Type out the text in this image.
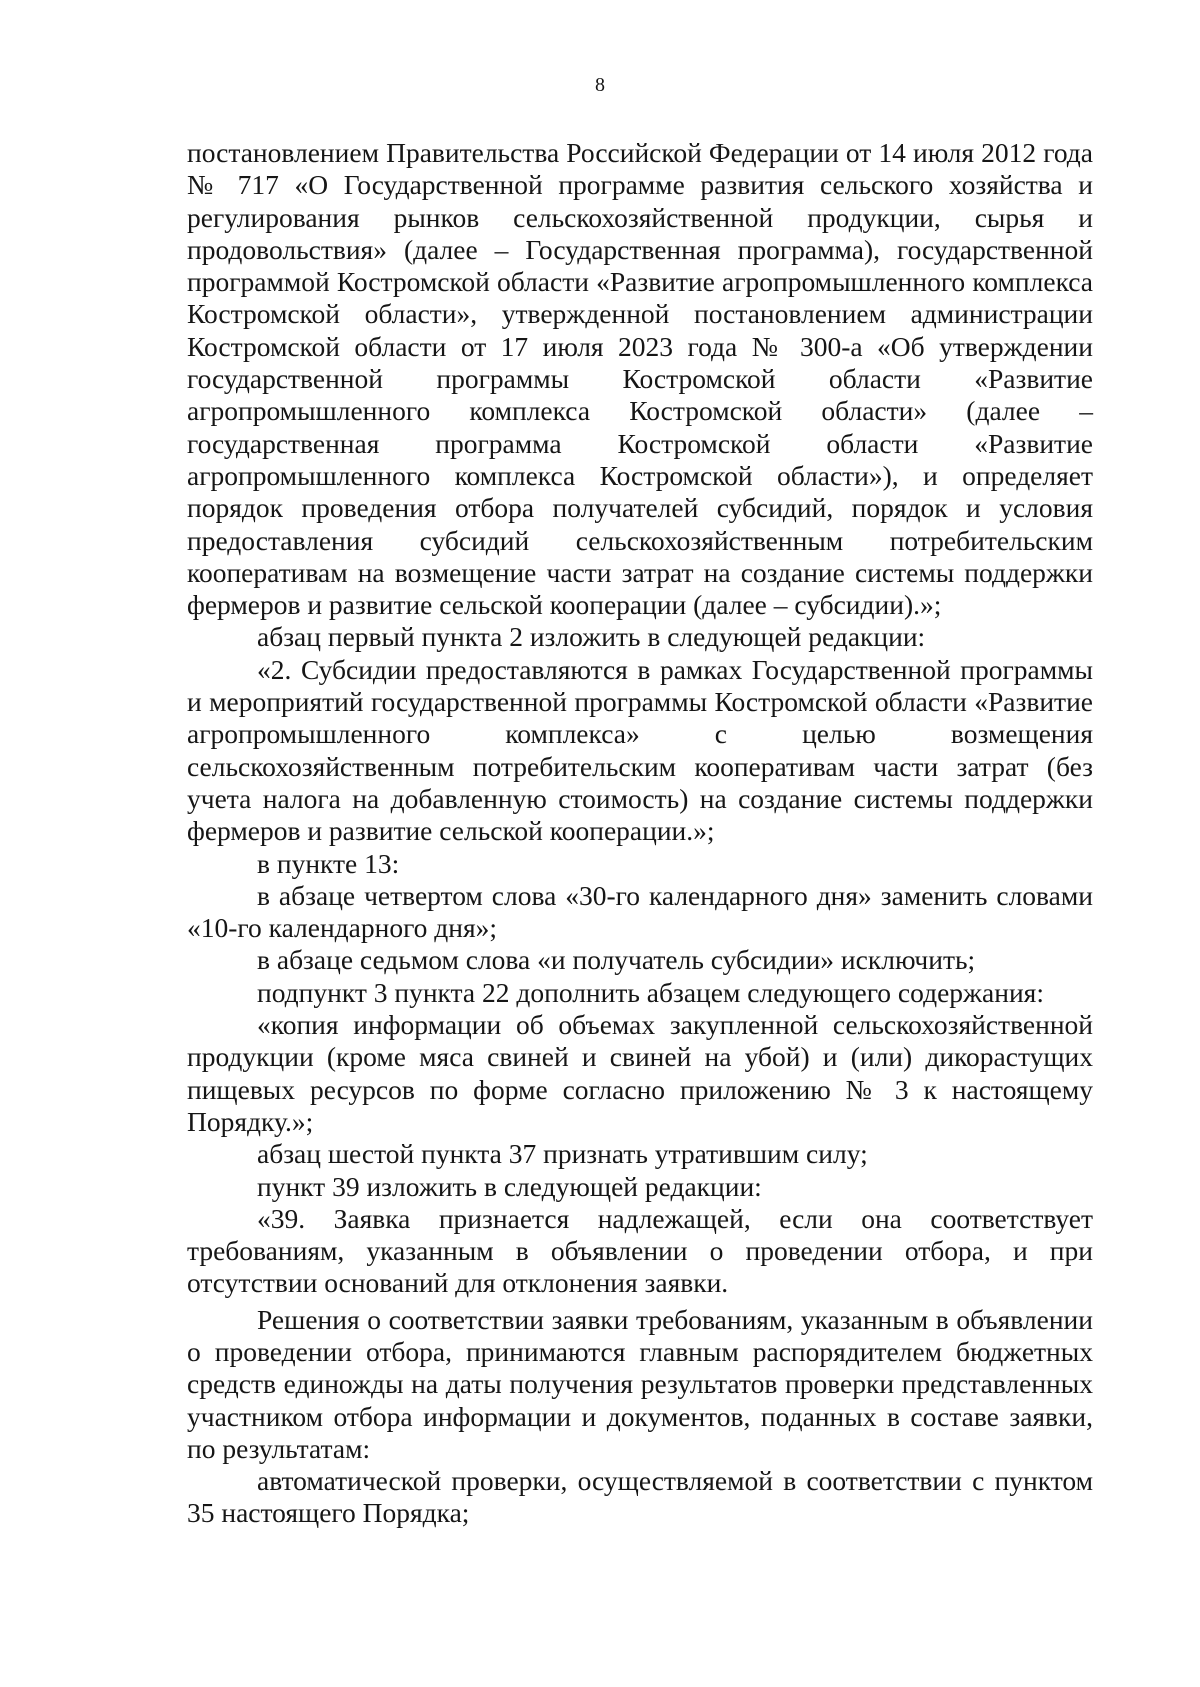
8

постановлением Правительства Российской Федерации от 14 июля 2012 года № 717 «О Государственной программе развития сельского хозяйства и регулирования рынков сельскохозяйственной продукции, сырья и продовольствия» (далее – Государственная программа), государственной программой Костромской области «Развитие агропромышленного комплекса Костромской области», утвержденной постановлением администрации Костромской области от 17 июля 2023 года № 300-а «Об утверждении государственной программы Костромской области «Развитие агропромышленного комплекса Костромской области» (далее – государственная программа Костромской области «Развитие агропромышленного комплекса Костромской области»), и определяет порядок проведения отбора получателей субсидий, порядок и условия предоставления субсидий сельскохозяйственным потребительским кооперативам на возмещение части затрат на создание системы поддержки фермеров и развитие сельской кооперации (далее – субсидии).»;

абзац первый пункта 2 изложить в следующей редакции:

«2. Субсидии предоставляются в рамках Государственной программы и мероприятий государственной программы Костромской области «Развитие агропромышленного комплекса» с целью возмещения сельскохозяйственным потребительским кооперативам части затрат (без учета налога на добавленную стоимость) на создание системы поддержки фермеров и развитие сельской кооперации.»;

в пункте 13:

в абзаце четвертом слова «30-го календарного дня» заменить словами «10-го календарного дня»;

в абзаце седьмом слова «и получатель субсидии» исключить;

подпункт 3 пункта 22 дополнить абзацем следующего содержания:

«копия информации об объемах закупленной сельскохозяйственной продукции (кроме мяса свиней и свиней на убой) и (или) дикорастущих пищевых ресурсов по форме согласно приложению № 3 к настоящему Порядку.»;

абзац шестой пункта 37 признать утратившим силу;

пункт 39 изложить в следующей редакции:

«39. Заявка признается надлежащей, если она соответствует требованиям, указанным в объявлении о проведении отбора, и при отсутствии оснований для отклонения заявки.

Решения о соответствии заявки требованиям, указанным в объявлении о проведении отбора, принимаются главным распорядителем бюджетных средств единожды на даты получения результатов проверки представленных участником отбора информации и документов, поданных в составе заявки, по результатам:

автоматической проверки, осуществляемой в соответствии с пунктом 35 настоящего Порядка;
